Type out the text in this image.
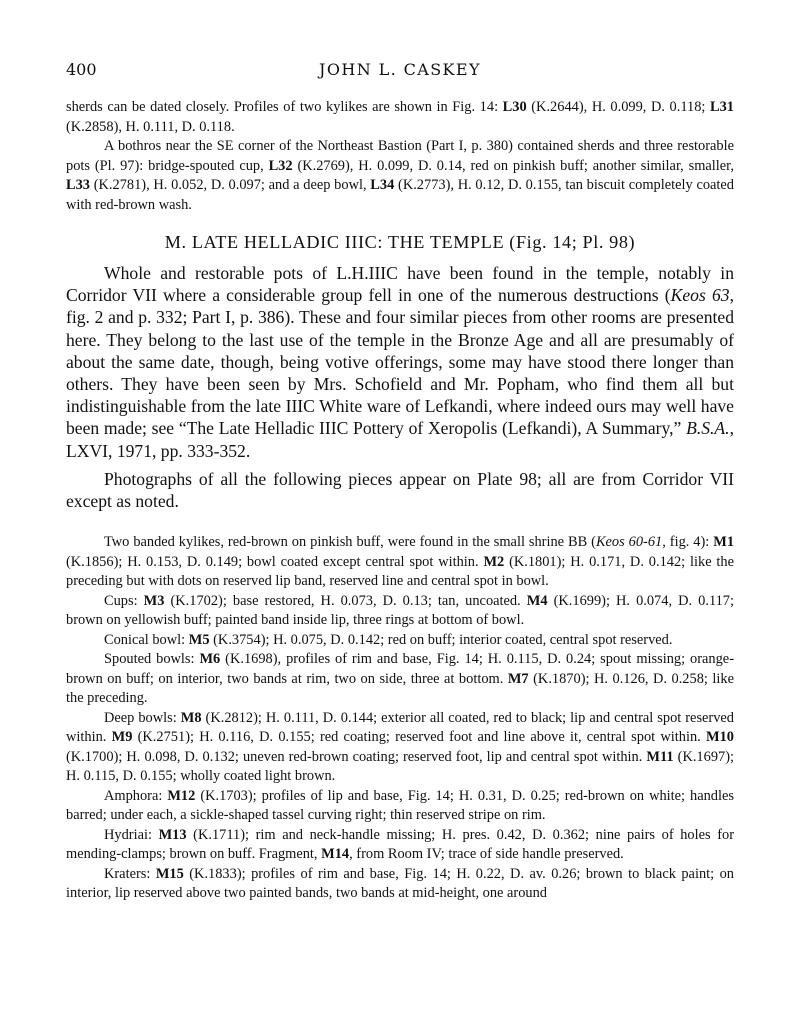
400	JOHN L. CASKEY

sherds can be dated closely. Profiles of two kylikes are shown in Fig. 14: L30 (K.2644), H. 0.099, D. 0.118; L31 (K.2858), H. 0.111, D. 0.118.

A bothros near the SE corner of the Northeast Bastion (Part I, p. 380) contained sherds and three restorable pots (Pl. 97): bridge-spouted cup, L32 (K.2769), H. 0.099, D. 0.14, red on pinkish buff; another similar, smaller, L33 (K.2781), H. 0.052, D. 0.097; and a deep bowl, L34 (K.2773), H. 0.12, D. 0.155, tan biscuit completely coated with red-brown wash.

M. LATE HELLADIC IIIC: THE TEMPLE (Fig. 14; Pl. 98)

Whole and restorable pots of L.H.IIIC have been found in the temple, notably in Corridor VII where a considerable group fell in one of the numerous destructions (Keos 63, fig. 2 and p. 332; Part I, p. 386). These and four similar pieces from other rooms are presented here. They belong to the last use of the temple in the Bronze Age and all are presumably of about the same date, though, being votive offerings, some may have stood there longer than others. They have been seen by Mrs. Schofield and Mr. Popham, who find them all but indistinguishable from the late IIIC White ware of Lefkandi, where indeed ours may well have been made; see “The Late Helladic IIIC Pottery of Xeropolis (Lefkandi), A Summary,” B.S.A., LXVI, 1971, pp. 333-352.

Photographs of all the following pieces appear on Plate 98; all are from Corridor VII except as noted.

Two banded kylikes, red-brown on pinkish buff, were found in the small shrine BB (Keos 60-61, fig. 4): M1 (K.1856); H. 0.153, D. 0.149; bowl coated except central spot within. M2 (K.1801); H. 0.171, D. 0.142; like the preceding but with dots on reserved lip band, reserved line and central spot in bowl.

Cups: M3 (K.1702); base restored, H. 0.073, D. 0.13; tan, uncoated. M4 (K.1699); H. 0.074, D. 0.117; brown on yellowish buff; painted band inside lip, three rings at bottom of bowl.

Conical bowl: M5 (K.3754); H. 0.075, D. 0.142; red on buff; interior coated, central spot reserved.

Spouted bowls: M6 (K.1698), profiles of rim and base, Fig. 14; H. 0.115, D. 0.24; spout missing; orange-brown on buff; on interior, two bands at rim, two on side, three at bottom. M7 (K.1870); H. 0.126, D. 0.258; like the preceding.

Deep bowls: M8 (K.2812); H. 0.111, D. 0.144; exterior all coated, red to black; lip and central spot reserved within. M9 (K.2751); H. 0.116, D. 0.155; red coating; reserved foot and line above it, central spot within. M10 (K.1700); H. 0.098, D. 0.132; uneven red-brown coating; reserved foot, lip and central spot within. M11 (K.1697); H. 0.115, D. 0.155; wholly coated light brown.

Amphora: M12 (K.1703); profiles of lip and base, Fig. 14; H. 0.31, D. 0.25; red-brown on white; handles barred; under each, a sickle-shaped tassel curving right; thin reserved stripe on rim.

Hydriai: M13 (K.1711); rim and neck-handle missing; H. pres. 0.42, D. 0.362; nine pairs of holes for mending-clamps; brown on buff. Fragment, M14, from Room IV; trace of side handle preserved.

Kraters: M15 (K.1833); profiles of rim and base, Fig. 14; H. 0.22, D. av. 0.26; brown to black paint; on interior, lip reserved above two painted bands, two bands at mid-height, one around
